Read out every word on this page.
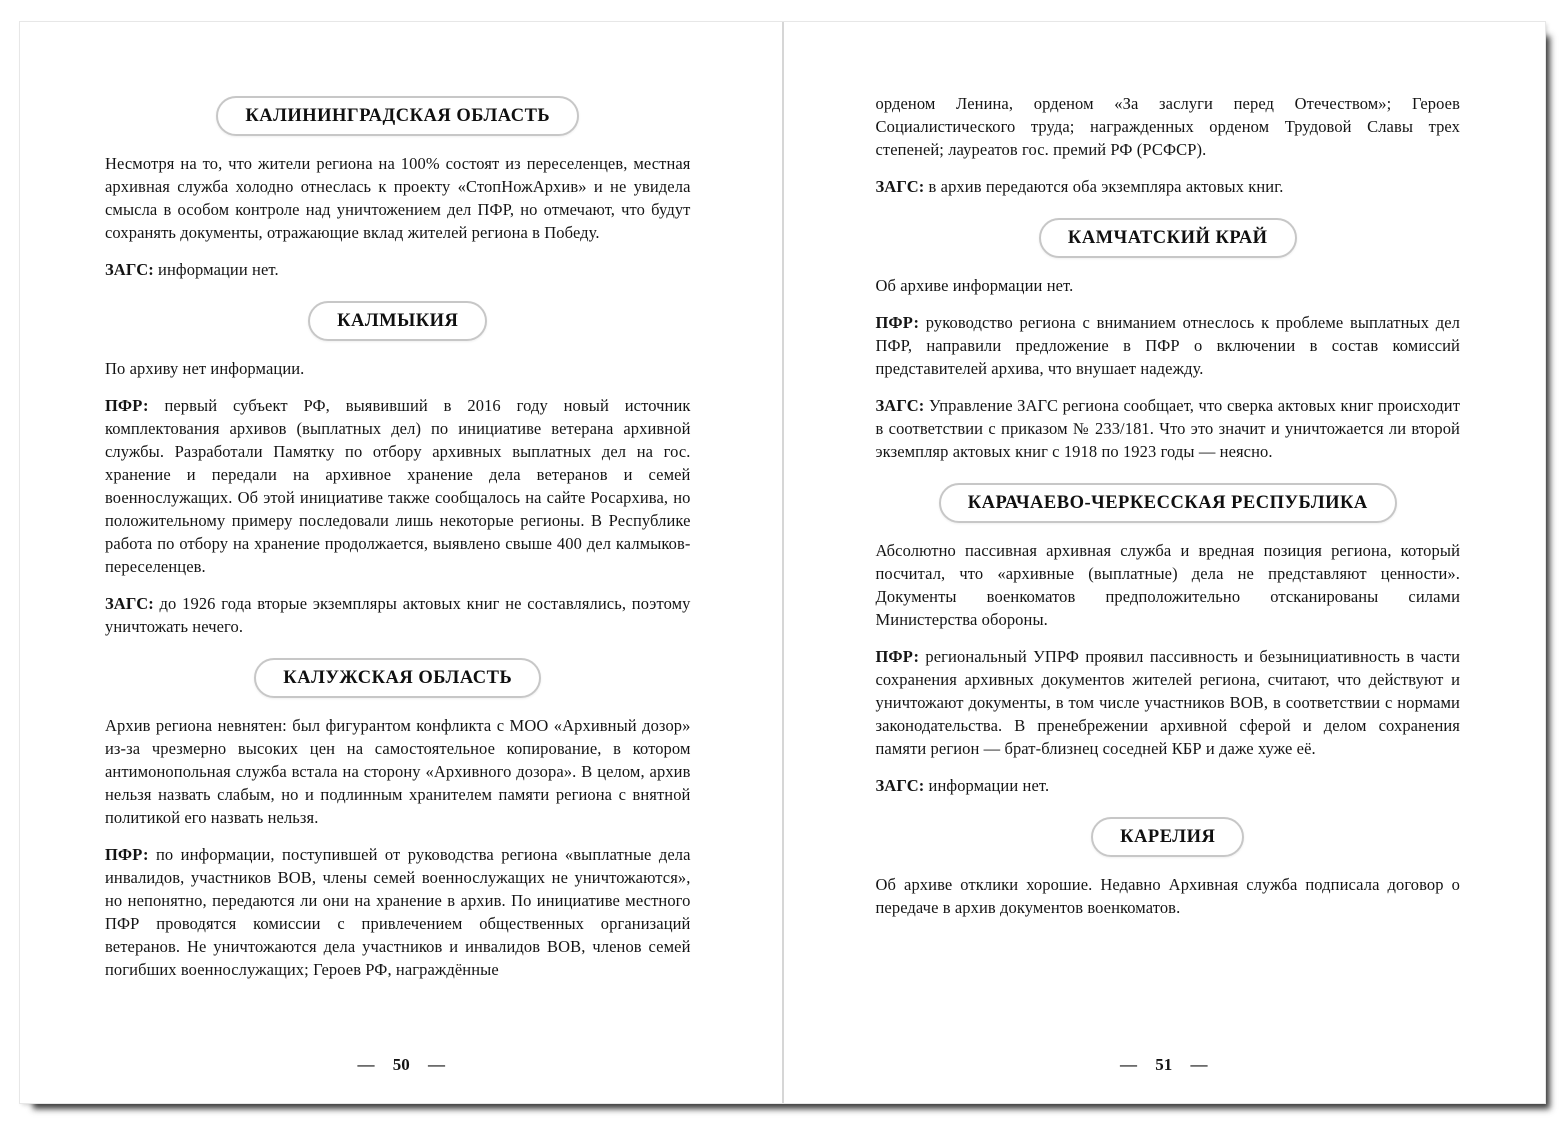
КАЛИНИНГРАДСКАЯ ОБЛАСТЬ

Несмотря на то, что жители региона на 100% состоят из переселенцев, местная архивная служба холодно отнеслась к проекту «СтопНожАрхив» и не увидела смысла в особом контроле над уничтожением дел ПФР, но отмечают, что будут сохранять документы, отражающие вклад жителей региона в Победу.

ЗАГС: информации нет.

КАЛМЫКИЯ

По архиву нет информации.

ПФР: первый субъект РФ, выявивший в 2016 году новый источник комплектования архивов (выплатных дел) по инициативе ветерана архивной службы. Разработали Памятку по отбору архивных выплатных дел на гос. хранение и передали на архивное хранение дела ветеранов и семей военнослужащих. Об этой инициативе также сообщалось на сайте Росархива, но положительному примеру последовали лишь некоторые регионы. В Республике работа по отбору на хранение продолжается, выявлено свыше 400 дел калмыков-переселенцев.

ЗАГС: до 1926 года вторые экземпляры актовых книг не составлялись, поэтому уничтожать нечего.

КАЛУЖСКАЯ ОБЛАСТЬ

Архив региона невнятен: был фигурантом конфликта с МОО «Архивный дозор» из-за чрезмерно высоких цен на самостоятельное копирование, в котором антимонопольная служба встала на сторону «Архивного дозора». В целом, архив нельзя назвать слабым, но и подлинным хранителем памяти региона с внятной политикой его назвать нельзя.

ПФР: по информации, поступившей от руководства региона «выплатные дела инвалидов, участников ВОВ, члены семей военнослужащих не уничтожаются», но непонятно, передаются ли они на хранение в архив. По инициативе местного ПФР проводятся комиссии с привлечением общественных организаций ветеранов. Не уничтожаются дела участников и инвалидов ВОВ, членов семей погибших военнослужащих; Героев РФ, награждённые

— 50 —

орденом Ленина, орденом «За заслуги перед Отечеством»; Героев Социалистического труда; награжденных орденом Трудовой Славы трех степеней; лауреатов гос. премий РФ (РСФСР).

ЗАГС: в архив передаются оба экземпляра актовых книг.

КАМЧАТСКИЙ КРАЙ

Об архиве информации нет.

ПФР: руководство региона с вниманием отнеслось к проблеме выплатных дел ПФР, направили предложение в ПФР о включении в состав комиссий представителей архива, что внушает надежду.

ЗАГС: Управление ЗАГС региона сообщает, что сверка актовых книг происходит в соответствии с приказом № 233/181. Что это значит и уничтожается ли второй экземпляр актовых книг с 1918 по 1923 годы — неясно.

КАРАЧАЕВО-ЧЕРКЕССКАЯ РЕСПУБЛИКА

Абсолютно пассивная архивная служба и вредная позиция региона, который посчитал, что «архивные (выплатные) дела не представляют ценности». Документы военкоматов предположительно отсканированы силами Министерства обороны.

ПФР: региональный УПРФ проявил пассивность и безынициативность в части сохранения архивных документов жителей региона, считают, что действуют и уничтожают документы, в том числе участников ВОВ, в соответствии с нормами законодательства. В пренебрежении архивной сферой и делом сохранения памяти регион — брат-близнец соседней КБР и даже хуже её.

ЗАГС: информации нет.

КАРЕЛИЯ

Об архиве отклики хорошие. Недавно Архивная служба подписала договор о передаче в архив документов военкоматов.

— 51 —
